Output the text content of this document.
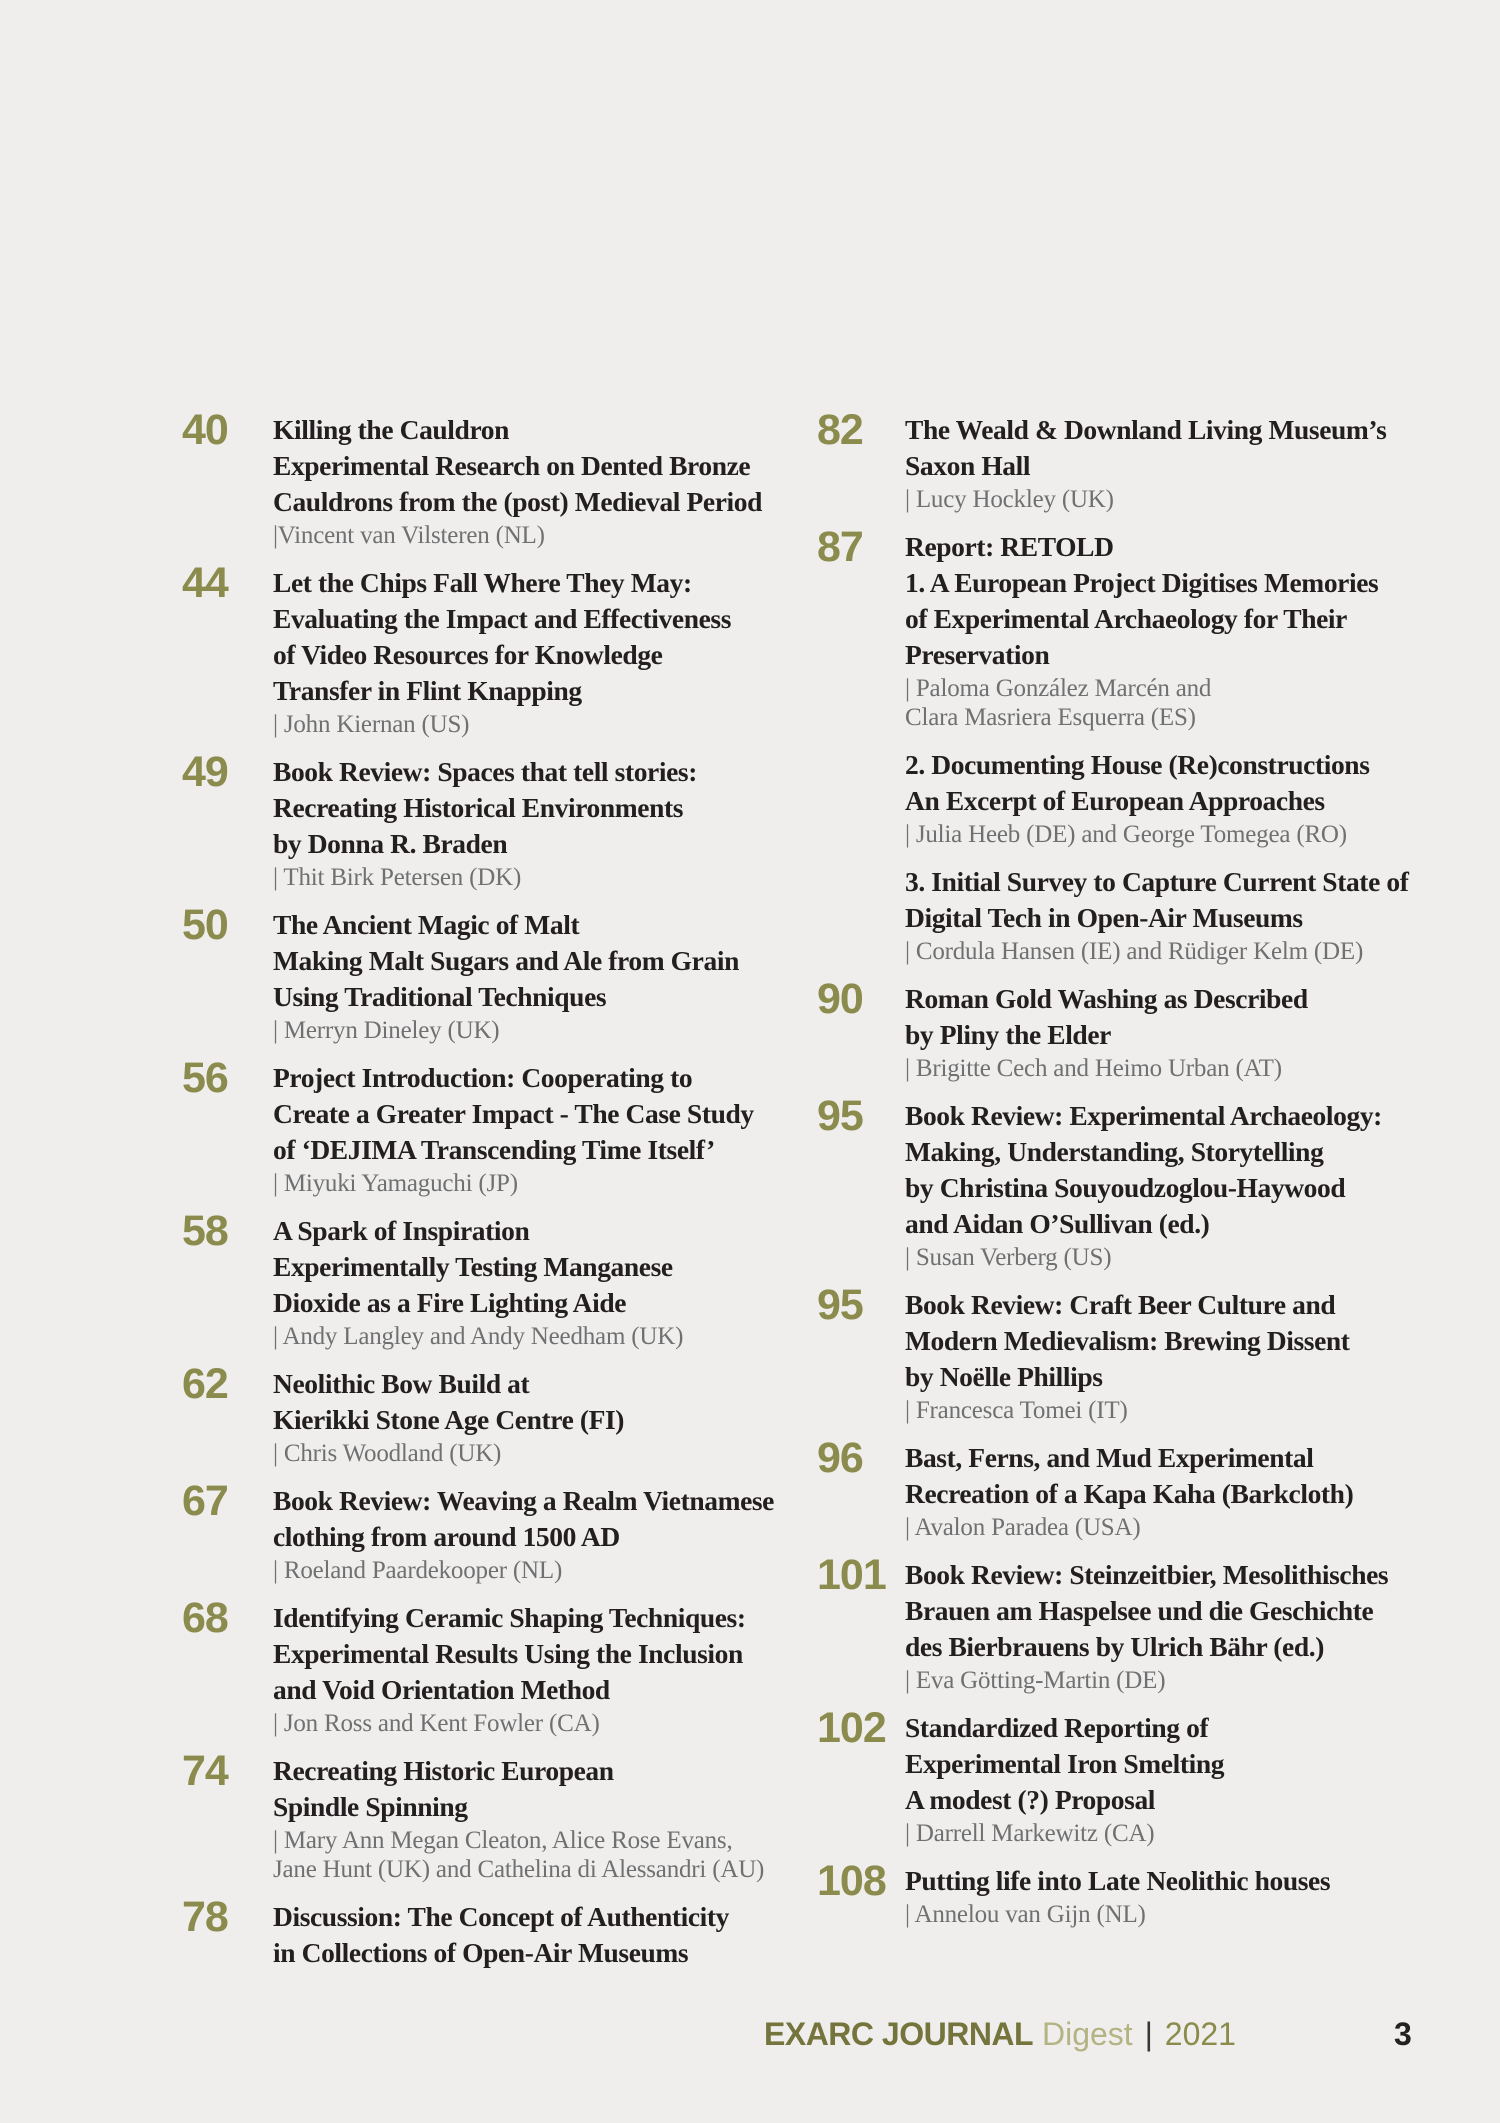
40	Killing the Cauldron
Experimental Research on Dented Bronze
Cauldrons from the (post) Medieval Period
|Vincent van Vilsteren (NL)
44	Let the Chips Fall Where They May:
Evaluating the Impact and Effectiveness
of Video Resources for Knowledge
Transfer in Flint Knapping
| John Kiernan (US)
49	Book Review: Spaces that tell stories:
Recreating Historical Environments
by Donna R. Braden
| Thit Birk Petersen (DK)
50	The Ancient Magic of Malt
Making Malt Sugars and Ale from Grain
Using Traditional Techniques
| Merryn Dineley (UK)
56	Project Introduction: Cooperating to
Create a Greater Impact - The Case Study
of ‘DEJIMA Transcending Time Itself’
| Miyuki Yamaguchi (JP)
58	A Spark of Inspiration
Experimentally Testing Manganese
Dioxide as a Fire Lighting Aide
| Andy Langley and Andy Needham (UK)
62	Neolithic Bow Build at
Kierikki Stone Age Centre (FI)
| Chris Woodland (UK)
67	Book Review: Weaving a Realm Vietnamese
clothing from around 1500 AD
| Roeland Paardekooper (NL)
68	Identifying Ceramic Shaping Techniques:
Experimental Results Using the Inclusion
and Void Orientation Method
| Jon Ross and Kent Fowler (CA)
74	Recreating Historic European
Spindle Spinning
| Mary Ann Megan Cleaton, Alice Rose Evans,
Jane Hunt (UK) and Cathelina di Alessandri (AU)
78	Discussion: The Concept of Authenticity
in Collections of Open-Air Museums
82	The Weald & Downland Living Museum’s
Saxon Hall
| Lucy Hockley (UK)
87	Report: RETOLD
1. A European Project Digitises Memories
of Experimental Archaeology for Their
Preservation
| Paloma González Marcén and
Clara Masriera Esquerra (ES)
2. Documenting House (Re)constructions
An Excerpt of European Approaches
| Julia Heeb (DE) and George Tomegea (RO)
3. Initial Survey to Capture Current State of
Digital Tech in Open-Air Museums
| Cordula Hansen (IE) and Rüdiger Kelm (DE)
90	Roman Gold Washing as Described
by Pliny the Elder
| Brigitte Cech and Heimo Urban (AT)
95	Book Review: Experimental Archaeology:
Making, Understanding, Storytelling
by Christina Souyoudzoglou-Haywood
and Aidan O’Sullivan (ed.)
| Susan Verberg (US)
95	Book Review: Craft Beer Culture and
Modern Medievalism: Brewing Dissent
by Noëlle Phillips
| Francesca Tomei (IT)
96	Bast, Ferns, and Mud Experimental
Recreation of a Kapa Kaha (Barkcloth)
| Avalon Paradea (USA)
101 Book Review: Steinzeitbier, Mesolithisches
Brauen am Haspelsee und die Geschichte
des Bierbrauens by Ulrich Bähr (ed.)
| Eva Götting-Martin (DE)
102 Standardized Reporting of
Experimental Iron Smelting
A modest (?) Proposal
| Darrell Markewitz (CA)
108 Putting life into Late Neolithic houses
| Annelou van Gijn (NL)
EXARC JOURNAL Digest | 2021	3
